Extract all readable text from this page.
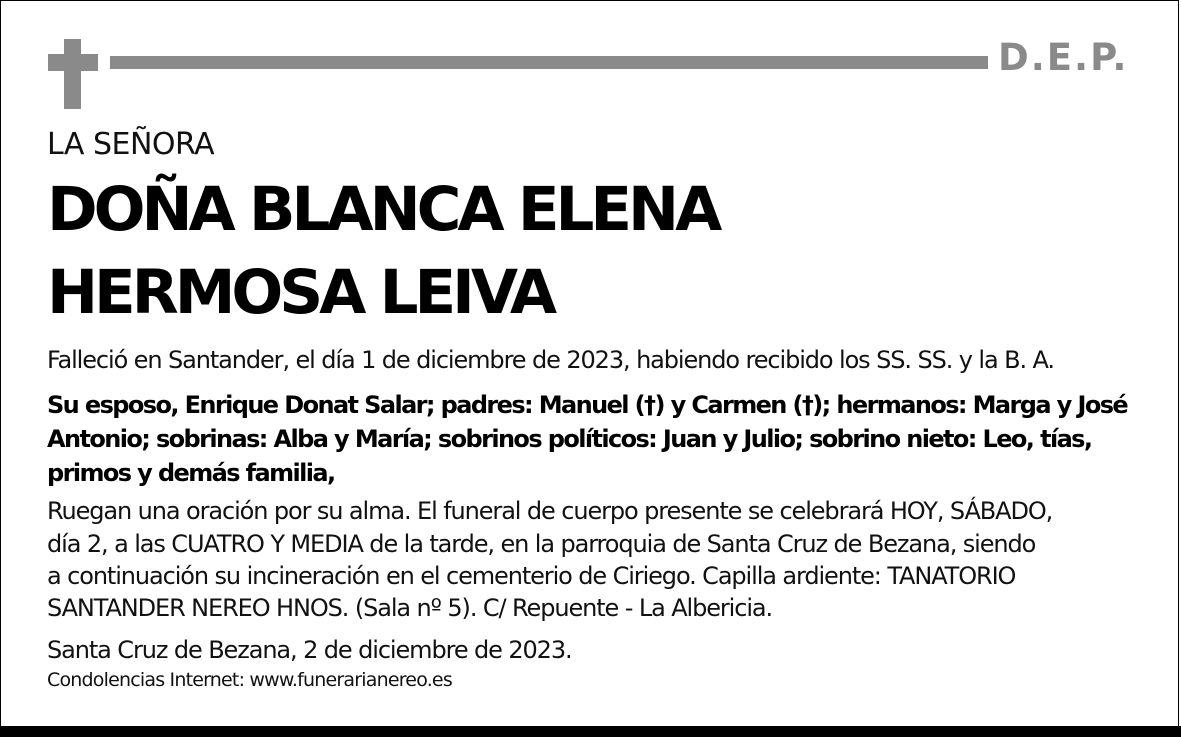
D.E.P.
LA SEÑORA
DOÑA BLANCA ELENA
HERMOSA LEIVA
Falleció en Santander, el día 1 de diciembre de 2023, habiendo recibido los SS. SS. y la B. A.
Su esposo, Enrique Donat Salar; padres: Manuel (†) y Carmen (†); hermanos: Marga y José
Antonio; sobrinas: Alba y María; sobrinos políticos: Juan y Julio; sobrino nieto: Leo, tías,
primos y demás familia,
Ruegan una oración por su alma. El funeral de cuerpo presente se celebrará HOY, SÁBADO,
día 2, a las CUATRO Y MEDIA de la tarde, en la parroquia de Santa Cruz de Bezana, siendo
a continuación su incineración en el cementerio de Ciriego. Capilla ardiente: TANATORIO
SANTANDER NEREO HNOS. (Sala nº 5). C/ Repuente - La Albericia.
Santa Cruz de Bezana, 2 de diciembre de 2023.
Condolencias Internet: www.funerarianereo.es
